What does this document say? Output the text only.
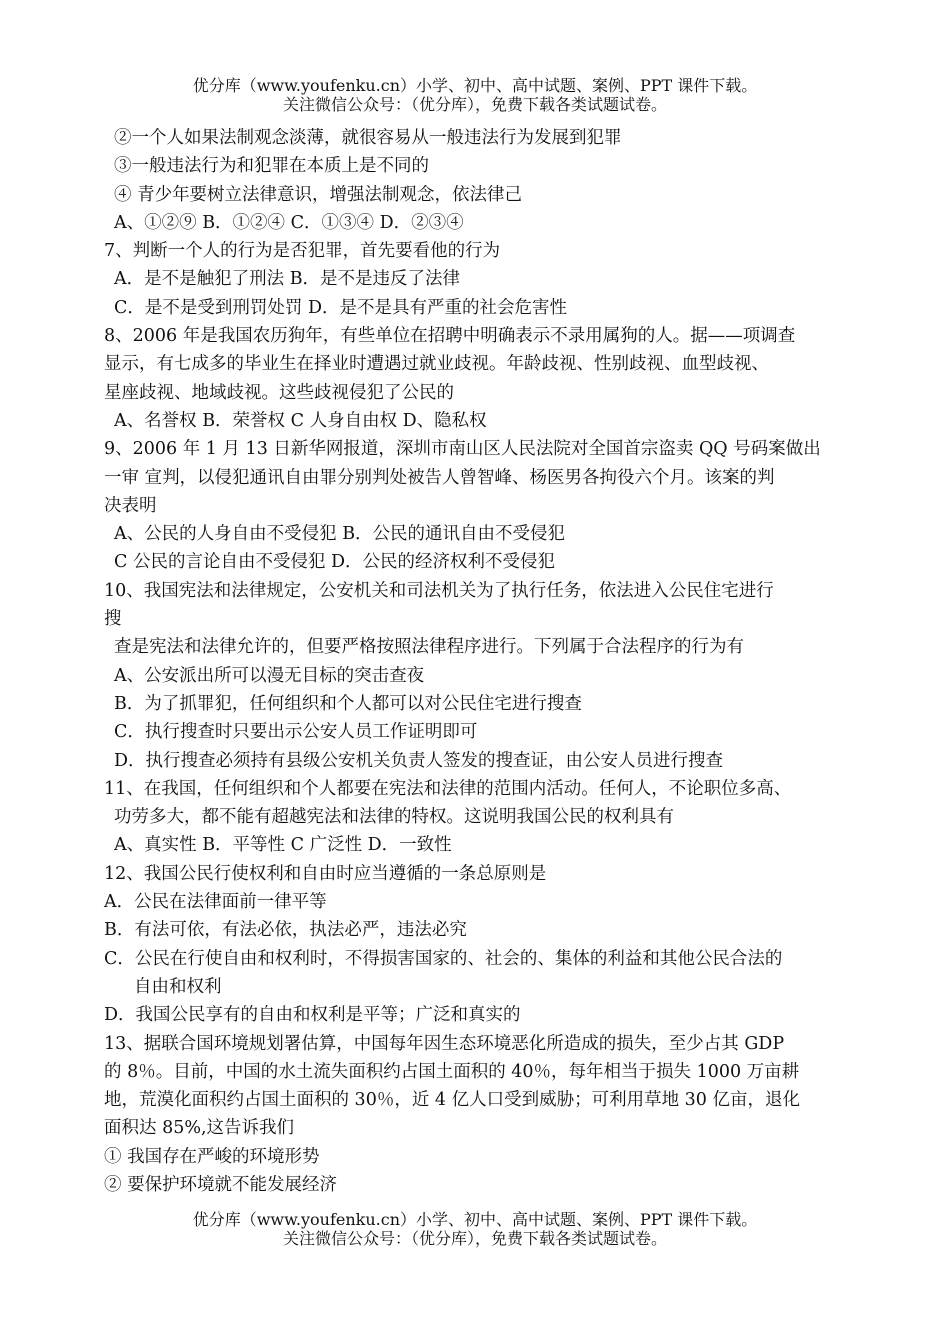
优分库（www.youfenku.cn）小学、初中、高中试题、案例、PPT 课件下载。
关注微信公众号：（优分库），免费下载各类试题试卷。
②一个人如果法制观念淡薄，就很容易从一般违法行为发展到犯罪
③一般违法行为和犯罪在本质上是不同的
④ 青少年要树立法律意识，增强法制观念，依法律己
A、①②⑨ B．①②④ C．①③④ D．②③④
7、判断一个人的行为是否犯罪，首先要看他的行为
A．是不是触犯了刑法 B．是不是违反了法律
C．是不是受到刑罚处罚 D．是不是具有严重的社会危害性
8、2006 年是我国农历狗年，有些单位在招聘中明确表示不录用属狗的人。据——项调查
显示，有七成多的毕业生在择业时遭遇过就业歧视。年龄歧视、性别歧视、血型歧视、
星座歧视、地域歧视。这些歧视侵犯了公民的
A、名誉权 B．荣誉权 C 人身自由权 D、隐私权
9、2006 年 1 月 13 日新华网报道，深圳市南山区人民法院对全国首宗盗卖 QQ 号码案做出
一审 宣判，以侵犯通讯自由罪分别判处被告人曾智峰、杨医男各拘役六个月。该案的判
决表明
A、公民的人身自由不受侵犯 B．公民的通讯自由不受侵犯
C 公民的言论自由不受侵犯 D．公民的经济权利不受侵犯
10、我国宪法和法律规定，公安机关和司法机关为了执行任务，依法进入公民住宅进行
搜
查是宪法和法律允许的，但要严格按照法律程序进行。下列属于合法程序的行为有
A、公安派出所可以漫无目标的突击查夜
B．为了抓罪犯，任何组织和个人都可以对公民住宅进行搜查
C．执行搜查时只要出示公安人员工作证明即可
D．执行搜查必须持有县级公安机关负责人签发的搜查证，由公安人员进行搜查
11、在我国，任何组织和个人都要在宪法和法律的范围内活动。任何人，不论职位多高、
功劳多大，都不能有超越宪法和法律的特权。这说明我国公民的权利具有
A、真实性 B．平等性 C 广泛性 D．一致性
12、我国公民行使权利和自由时应当遵循的一条总原则是
A．公民在法律面前一律平等
B．有法可依，有法必依，执法必严，违法必究
C．公民在行使自由和权利时，不得损害国家的、社会的、集体的利益和其他公民合法的
自由和权利
D．我国公民享有的自由和权利是平等；广泛和真实的
13、据联合国环境规划署估算，中国每年因生态环境恶化所造成的损失，至少占其 GDP
的 8％。目前，中国的水土流失面积约占国土面积的 40％，每年相当于损失 1000 万亩耕
地，荒漠化面积约占国土面积的 30％，近 4 亿人口受到威胁；可利用草地 30 亿亩，退化
面积达 85%,这告诉我们
① 我国存在严峻的环境形势
② 要保护环境就不能发展经济
优分库（www.youfenku.cn）小学、初中、高中试题、案例、PPT 课件下载。
关注微信公众号：（优分库），免费下载各类试题试卷。
